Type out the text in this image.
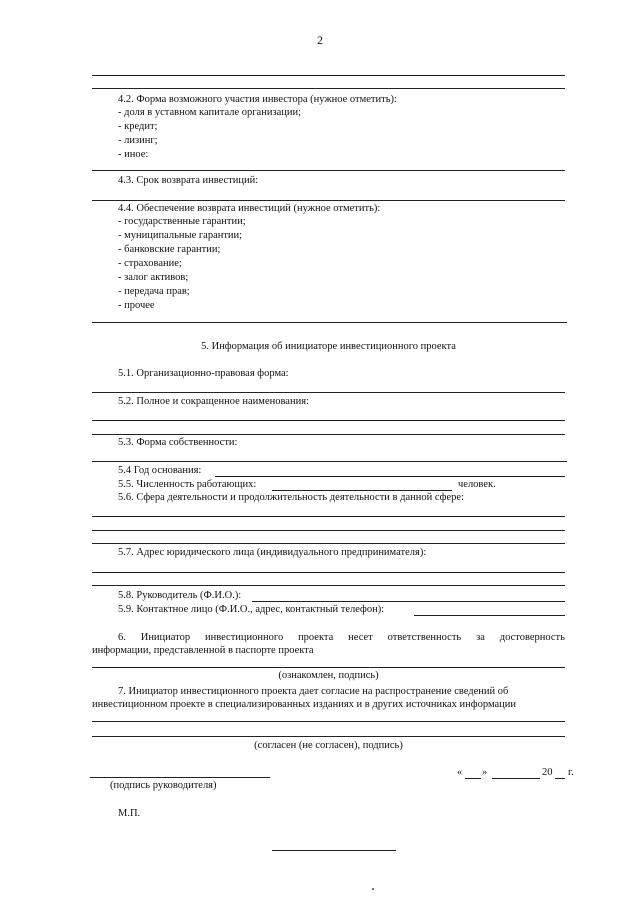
2
4.2. Форма возможного участия инвестора (нужное отметить):
- доля в уставном капитале организации;
- кредит;
- лизинг;
- иное:
4.3. Срок возврата инвестиций:
4.4. Обеспечение возврата инвестиций (нужное отметить):
- государственные гарантии;
- муниципальные гарантии;
- банковские гарантии;
- страхование;
- залог активов;
- передача прав;
- прочее
5. Информация об инициаторе инвестиционного проекта
5.1. Организационно-правовая форма:
5.2. Полное и сокращенное наименования:
5.3. Форма собственности:
5.4 Год основания:
5.5. Численность работающих:	человек.
5.6. Сфера деятельности и продолжительность деятельности в данной сфере:
5.7. Адрес юридического лица (индивидуального предпринимателя):
5.8. Руководитель (Ф.И.О.):
5.9. Контактное лицо (Ф.И.О., адрес, контактный телефон):
6. Инициатор инвестиционного проекта несет ответственность за достоверность
информации, представленной в паспорте проекта
(ознакомлен, подпись)
7. Инициатор инвестиционного проекта дает согласие на распространение сведений об
инвестиционном проекте в специализированных изданиях и в других источниках информации
(согласен (не согласен), подпись)
(подпись руководителя)
« »	20 г.
М.П.
